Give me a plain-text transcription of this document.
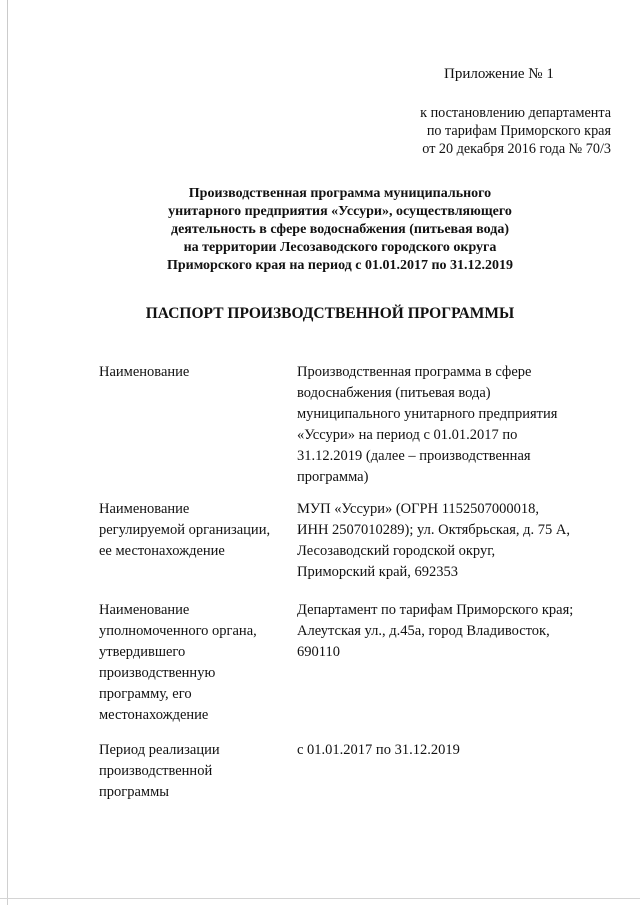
Приложение № 1
к постановлению департамента
по тарифам Приморского края
от 20 декабря 2016 года № 70/3
Производственная программа муниципального
унитарного предприятия «Уссури», осуществляющего
деятельность в сфере водоснабжения (питьевая вода)
на территории Лесозаводского городского округа
Приморского края на период с 01.01.2017 по 31.12.2019
ПАСПОРТ ПРОИЗВОДСТВЕННОЙ ПРОГРАММЫ
Наименование	Производственная программа в сфере
водоснабжения (питьевая вода)
муниципального унитарного предприятия
«Уссури» на период с 01.01.2017 по
31.12.2019 (далее – производственная
программа)
Наименование
регулируемой организации,
ее местонахождение
МУП «Уссури» (ОГРН 1152507000018,
ИНН 2507010289); ул. Октябрьская, д. 75 А,
Лесозаводский городской округ,
Приморский край, 692353
Наименование
уполномоченного органа,
утвердившего
производственную
программу, его
местонахождение
Департамент по тарифам Приморского края;
Алеутская ул., д.45а, город Владивосток,
690110
Период реализации
производственной
программы
с 01.01.2017 по 31.12.2019
